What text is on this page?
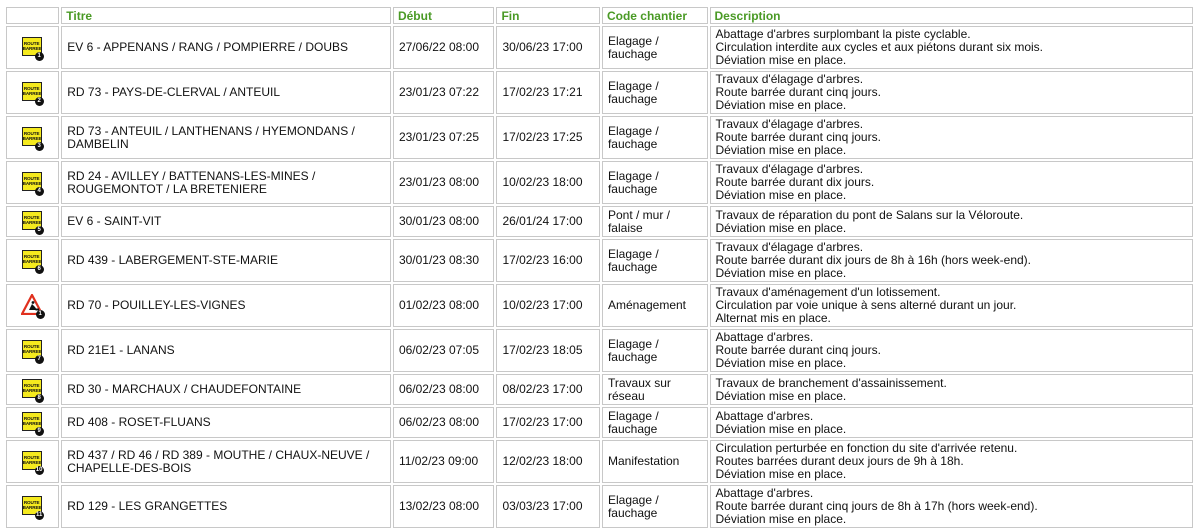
	Titre	Début	Fin	Code chantier	Description

ROUTE
BARREE
1	EV 6 - APPENANS / RANG / POMPIERRE / DOUBS	27/06/22 08:00	30/06/23 17:00	Elagage / fauchage	Abattage d'arbres surplombant la piste cyclable.
Circulation interdite aux cycles et aux piétons durant six mois.
Déviation mise en place.

ROUTE
BARREE
2	RD 73 - PAYS-DE-CLERVAL / ANTEUIL	23/01/23 07:22	17/02/23 17:21	Elagage / fauchage	Travaux d'élagage d'arbres.
Route barrée durant cinq jours.
Déviation mise en place.

ROUTE
BARREE
3	RD 73 - ANTEUIL / LANTHENANS / HYEMONDANS / DAMBELIN	23/01/23 07:25	17/02/23 17:25	Elagage / fauchage	Travaux d'élagage d'arbres.
Route barrée durant cinq jours.
Déviation mise en place.

ROUTE
BARREE
4	RD 24 - AVILLEY / BATTENANS-LES-MINES / ROUGEMONTOT / LA BRETENIERE	23/01/23 08:00	10/02/23 18:00	Elagage / fauchage	Travaux d'élagage d'arbres.
Route barrée durant dix jours.
Déviation mise en place.

ROUTE
BARREE
5	EV 6 - SAINT-VIT	30/01/23 08:00	26/01/24 17:00	Pont / mur / falaise	Travaux de réparation du pont de Salans sur la Véloroute.
Déviation mise en place.

ROUTE
BARREE
6	RD 439 - LABERGEMENT-STE-MARIE	30/01/23 08:30	17/02/23 16:00	Elagage / fauchage	Travaux d'élagage d'arbres.
Route barrée durant dix jours de 8h à 16h (hors week-end).
Déviation mise en place.

1	RD 70 - POUILLEY-LES-VIGNES	01/02/23 08:00	10/02/23 17:00	Aménagement	Travaux d'aménagement d'un lotissement.
Circulation par voie unique à sens alterné durant un jour.
Alternat mis en place.

ROUTE
BARREE
7	RD 21E1 - LANANS	06/02/23 07:05	17/02/23 18:05	Elagage / fauchage	Abattage d'arbres.
Route barrée durant cinq jours.
Déviation mise en place.

ROUTE
BARREE
8	RD 30 - MARCHAUX / CHAUDEFONTAINE	06/02/23 08:00	08/02/23 17:00	Travaux sur réseau	Travaux de branchement d'assainissement.
Déviation mise en place.

ROUTE
BARREE
9	RD 408 - ROSET-FLUANS	06/02/23 08:00	17/02/23 17:00	Elagage / fauchage	Abattage d'arbres.
Déviation mise en place.

ROUTE
BARREE
10	RD 437 / RD 46 / RD 389 - MOUTHE / CHAUX-NEUVE / CHAPELLE-DES-BOIS	11/02/23 09:00	12/02/23 18:00	Manifestation	Circulation perturbée en fonction du site d'arrivée retenu.
Routes barrées durant deux jours de 9h à 18h.
Déviation mise en place.

ROUTE
BARREE
11	RD 129 - LES GRANGETTES	13/02/23 08:00	03/03/23 17:00	Elagage / fauchage	Abattage d'arbres.
Route barrée durant cinq jours de 8h à 17h (hors week-end).
Déviation mise en place.
